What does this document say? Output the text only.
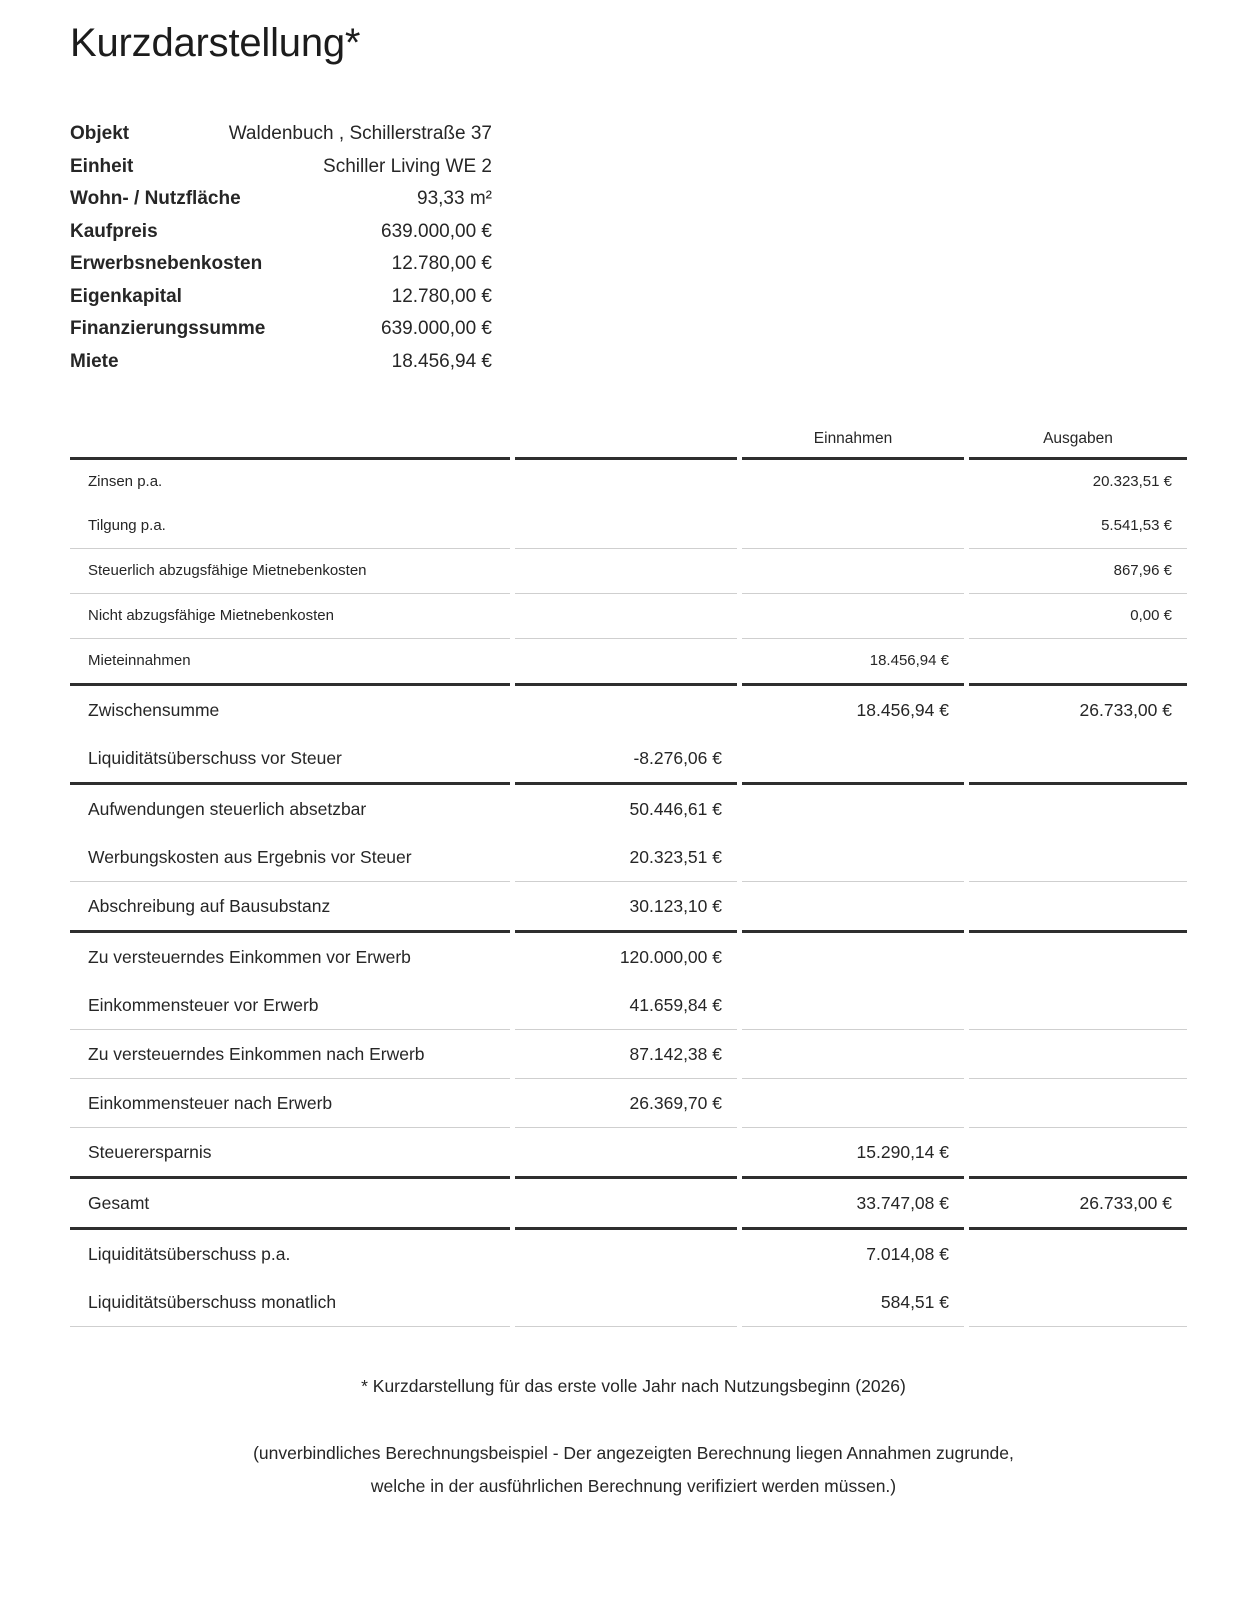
Kurzdarstellung*
Objekt	Waldenbuch , Schillerstraße 37
Einheit	Schiller Living WE 2
Wohn- / Nutzfläche	93,33 m²
Kaufpreis	639.000,00 €
Erwerbsnebenkosten	12.780,00 €
Eigenkapital	12.780,00 €
Finanzierungssumme	639.000,00 €
Miete	18.456,94 €
		Einnahmen	Ausgaben
Zinsen p.a.			20.323,51 €
Tilgung p.a.			5.541,53 €
Steuerlich abzugsfähige Mietnebenkosten			867,96 €
Nicht abzugsfähige Mietnebenkosten			0,00 €
Mieteinnahmen		18.456,94 €	
Zwischensumme		18.456,94 €	26.733,00 €
Liquiditätsüberschuss vor Steuer	-8.276,06 €		
Aufwendungen steuerlich absetzbar	50.446,61 €		
Werbungskosten aus Ergebnis vor Steuer	20.323,51 €		
Abschreibung auf Bausubstanz	30.123,10 €		
Zu versteuerndes Einkommen vor Erwerb	120.000,00 €		
Einkommensteuer vor Erwerb	41.659,84 €		
Zu versteuerndes Einkommen nach Erwerb	87.142,38 €		
Einkommensteuer nach Erwerb	26.369,70 €		
Steuerersparnis		15.290,14 €	
Gesamt		33.747,08 €	26.733,00 €
Liquiditätsüberschuss p.a.		7.014,08 €	
Liquiditätsüberschuss monatlich		584,51 €	
* Kurzdarstellung für das erste volle Jahr nach Nutzungsbeginn (2026)
(unverbindliches Berechnungsbeispiel - Der angezeigten Berechnung liegen Annahmen zugrunde, welche in der ausführlichen Berechnung verifiziert werden müssen.)
